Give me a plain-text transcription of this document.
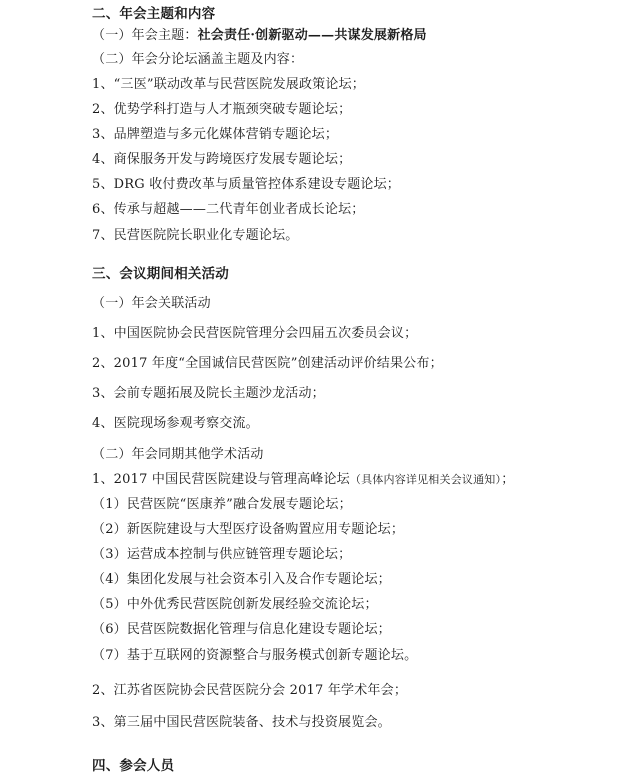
二、年会主题和内容
（一）年会主题：社会责任·创新驱动——共谋发展新格局
（二）年会分论坛涵盖主题及内容：
1、“三医”联动改革与民营医院发展政策论坛；
2、优势学科打造与人才瓶颈突破专题论坛；
3、品牌塑造与多元化媒体营销专题论坛；
4、商保服务开发与跨境医疗发展专题论坛；
5、DRG 收付费改革与质量管控体系建设专题论坛；
6、传承与超越——二代青年创业者成长论坛；
7、民营医院院长职业化专题论坛。
三、会议期间相关活动
（一）年会关联活动
1、中国医院协会民营医院管理分会四届五次委员会议；
2、2017 年度“全国诚信民营医院”创建活动评价结果公布；
3、会前专题拓展及院长主题沙龙活动；
4、医院现场参观考察交流。
（二）年会同期其他学术活动
1、2017 中国民营医院建设与管理高峰论坛（具体内容详见相关会议通知）；
（1）民营医院“医康养”融合发展专题论坛；
（2）新医院建设与大型医疗设备购置应用专题论坛；
（3）运营成本控制与供应链管理专题论坛；
（4）集团化发展与社会资本引入及合作专题论坛；
（5）中外优秀民营医院创新发展经验交流论坛；
（6）民营医院数据化管理与信息化建设专题论坛；
（7）基于互联网的资源整合与服务模式创新专题论坛。
2、江苏省医院协会民营医院分会 2017 年学术年会；
3、第三届中国民营医院装备、技术与投资展览会。
四、参会人员
